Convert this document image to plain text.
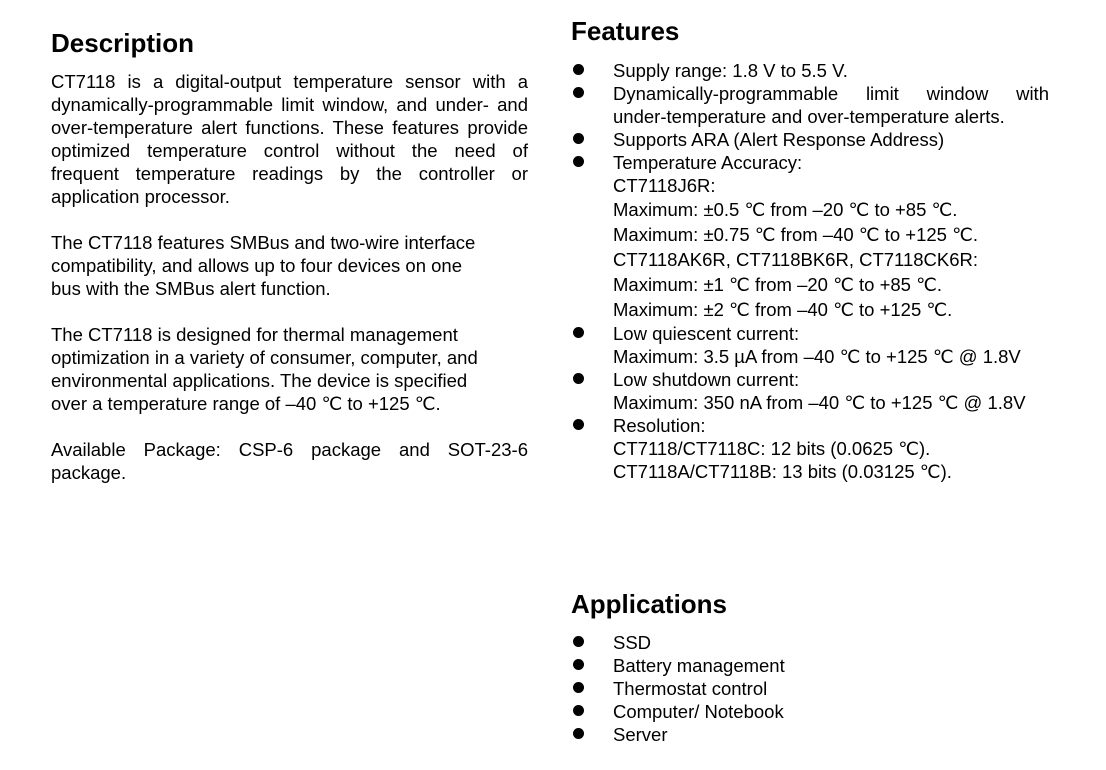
Description

CT7118 is a digital-output temperature sensor with a dynamically-programmable limit window, and under- and over-temperature alert functions. These features provide optimized temperature control without the need of frequent temperature readings by the controller or application processor.

The CT7118 features SMBus and two-wire interface
compatibility, and allows up to four devices on one
bus with the SMBus alert function.

The CT7118 is designed for thermal management
optimization in a variety of consumer, computer, and
environmental applications. The device is specified
over a temperature range of –40 ℃ to +125 ℃.

Available Package: CSP-6 package and SOT-23-6 package.

Features
Supply range: 1.8 V to 5.5 V.
Dynamically-programmable limit window with
under-temperature and over-temperature alerts.
Supports ARA (Alert Response Address)
Temperature Accuracy:
CT7118J6R:
Maximum: ±0.5 ℃ from –20 ℃ to +85 ℃.
Maximum: ±0.75 ℃ from –40 ℃ to +125 ℃.
CT7118AK6R, CT7118BK6R, CT7118CK6R:
Maximum: ±1 ℃ from –20 ℃ to +85 ℃.
Maximum: ±2 ℃ from –40 ℃ to +125 ℃.
Low quiescent current:
Maximum: 3.5 µA from –40 ℃ to +125 ℃ @ 1.8V
Low shutdown current:
Maximum: 350 nA from –40 ℃ to +125 ℃ @ 1.8V
Resolution:
CT7118/CT7118C: 12 bits (0.0625 ℃).
CT7118A/CT7118B: 13 bits (0.03125 ℃).
Applications
SSD
Battery management
Thermostat control
Computer/ Notebook
Server
